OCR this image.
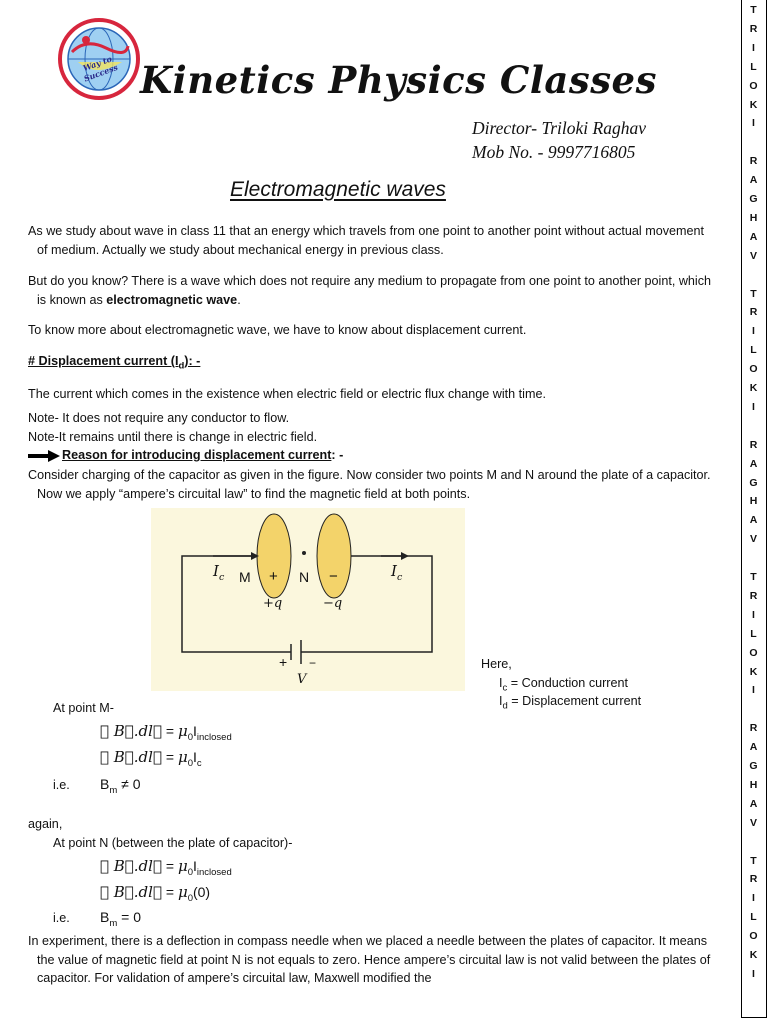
Way to Success Kinetics Physics Classes
Director- Triloki Raghav
Mob No. - 9997716805
Electromagnetic waves
As we study about wave in class 11 that an energy which travels from one point to another point without actual movement of medium. Actually we study about mechanical energy in previous class.
But do you know? There is a wave which does not require any medium to propagate from one point to another point, which is known as electromagnetic wave.
To know more about electromagnetic wave, we have to know about displacement current.
# Displacement current $(I_d)$: -
The current which comes in the existence when electric field or electric flux change with time.
Note- It does not require any conductor to flow.
Note-It remains until there is change in electric field.
Reason for introducing displacement current: -
Consider charging of the capacitor as given in the figure. Now consider two points M and N around the plate of a capacitor. Now we apply “ampere’s circuital law” to find the magnetic field at both points.
$I_c$ M + N −	$I_c$
+q	−q
+ −
V
Here,
$I_c$ = Conduction current
$I_d$ = Displacement current
At point M-
∮ B⃗.dl⃗ = $\mu_0I_{inclosed}$
∮ B⃗.dl⃗ = $\mu_0I_c$
i.e. $B_m \ne 0$
again,
At point N (between the plate of capacitor)-
∮ B⃗.dl⃗ = $\mu_0I_{inclosed}$
∮ B⃗.dl⃗ = $\mu_0(0)$
i.e. $B_m = 0$
In experiment, there is a deflection in compass needle when we placed a needle between the plates of capacitor. It means the value of magnetic field at point N is not equals to zero. Hence ampere’s circuital law is not valid between the plates of capacitor. For validation of ampere’s circuital law, Maxwell modified the
T
R
I
L
O
K
I
R
A
G
H
A
V
T
R
I
L
O
K
I
R
A
G
H
A
V
T
R
I
L
O
K
I
R
A
G
H
A
V
T
R
I
L
O
K
I
